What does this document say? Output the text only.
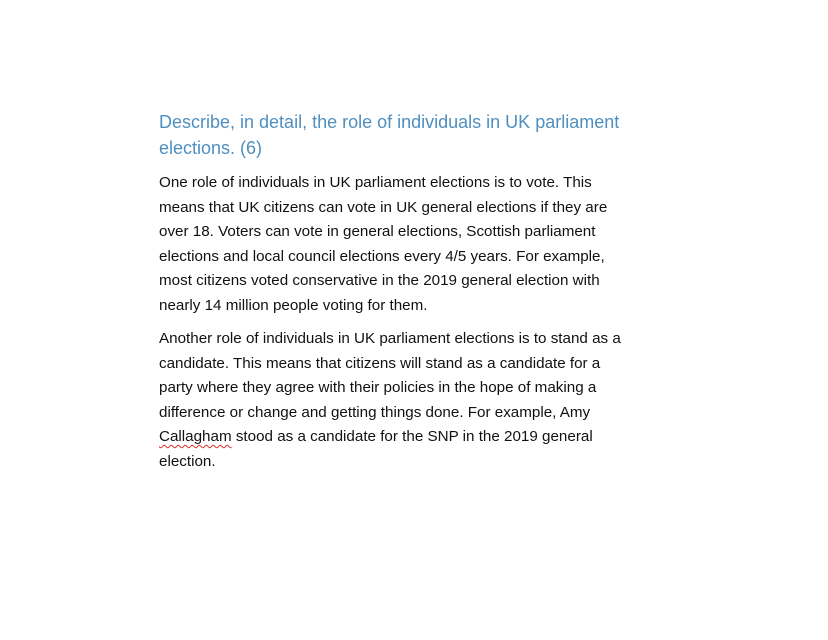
Describe, in detail, the role of individuals in UK parliament
elections. (6)

One role of individuals in UK parliament elections is to vote. This
means that UK citizens can vote in UK general elections if they are
over 18. Voters can vote in general elections, Scottish parliament
elections and local council elections every 4/5 years. For example,
most citizens voted conservative in the 2019 general election with
nearly 14 million people voting for them.

Another role of individuals in UK parliament elections is to stand as a
candidate. This means that citizens will stand as a candidate for a
party where they agree with their policies in the hope of making a
difference or change and getting things done. For example, Amy
Callagham stood as a candidate for the SNP in the 2019 general
election.
